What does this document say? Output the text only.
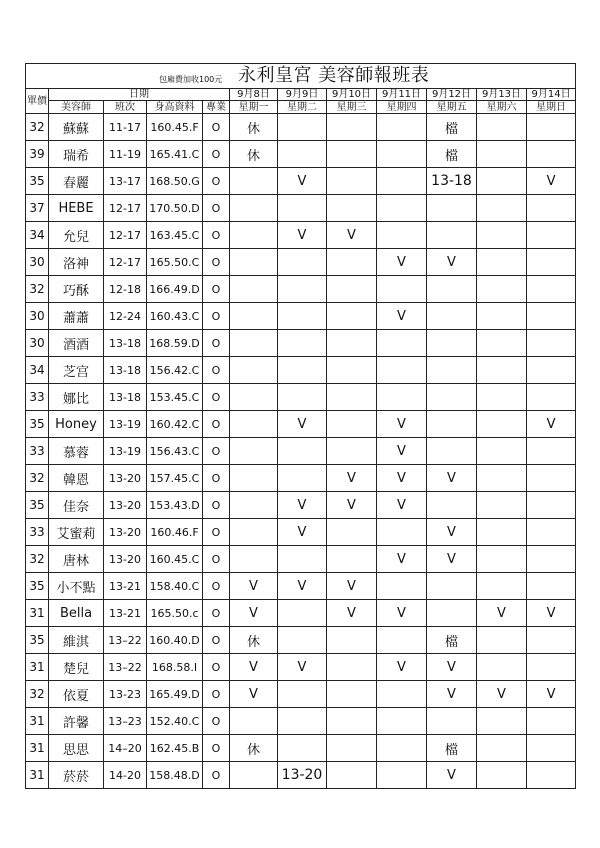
包廂費加收100元 永利皇宮 美容師報班表											

單價	日期				9月8日	9月9日	9月10日	9月11日	9月12日	9月13日	9月14日
	美容師	班次	身高資料	專業	星期一	星期二	星期三	星期四	星期五	星期六	星期日
32	蘇蘇	11-17	160.45.F	O	休				檔		
39	瑞希	11-19	165.41.C	O	休				檔		
35	春麗	13-17	168.50.G	O		V			13-18		V
37	HEBE	12-17	170.50.D	O							
34	允兒	12-17	163.45.C	O		V	V				
30	洛神	12-17	165.50.C	O				V	V		
32	巧酥	12-18	166.49.D	O							
30	蕭蕭	12-24	160.43.C	O				V			
30	酒酒	13-18	168.59.D	O							
34	芝宫	13-18	156.42.C	O							
33	娜比	13-18	153.45.C	O							
35	Honey	13-19	160.42.C	O		V		V			V
33	慕蓉	13-19	156.43.C	O				V			
32	韓恩	13-20	157.45.C	O			V	V	V		
35	佳奈	13-20	153.43.D	O		V	V	V			
33	艾蜜莉	13-20	160.46.F	O		V			V		
32	唐林	13-20	160.45.C	O				V	V		
35	小不點	13-21	158.40.C	O	V	V	V				
31	Bella	13-21	165.50.c	O	V		V	V		V	V
35	維淇	13–22	160.40.D	O	休				檔		
31	楚兒	13–22	168.58.I	O	V	V		V	V		
32	依夏	13-23	165.49.D	O	V				V	V	V
31	許馨	13–23	152.40.C	O							
31	思思	14–20	162.45.B	O	休				檔		
31	菸菸	14-20	158.48.D	O		13-20			V		
